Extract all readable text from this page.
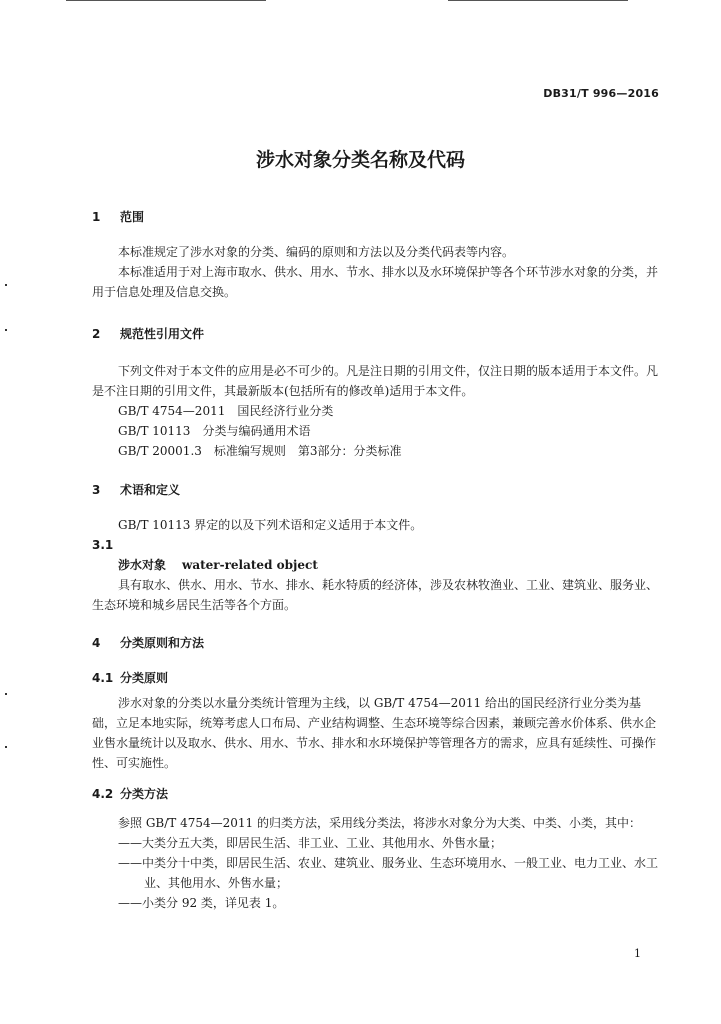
DB31/T 996—2016
涉水对象分类名称及代码
1 范围
本标准规定了涉水对象的分类、编码的原则和方法以及分类代码表等内容。
本标准适用于对上海市取水、供水、用水、节水、排水以及水环境保护等各个环节涉水对象的分类，并用于信息处理及信息交换。
2 规范性引用文件
下列文件对于本文件的应用是必不可少的。凡是注日期的引用文件，仅注日期的版本适用于本文件。凡是不注日期的引用文件，其最新版本(包括所有的修改单)适用于本文件。
GB/T 4754—2011　国民经济行业分类
GB/T 10113　分类与编码通用术语
GB/T 20001.3　标准编写规则　第3部分：分类标准
3 术语和定义
GB/T 10113 界定的以及下列术语和定义适用于本文件。
3.1
涉水对象 water-related object
具有取水、供水、用水、节水、排水、耗水特质的经济体，涉及农林牧渔业、工业、建筑业、服务业、生态环境和城乡居民生活等各个方面。
4 分类原则和方法
4.1 分类原则
涉水对象的分类以水量分类统计管理为主线，以 GB/T 4754—2011 给出的国民经济行业分类为基础，立足本地实际，统筹考虑人口布局、产业结构调整、生态环境等综合因素，兼顾完善水价体系、供水企业售水量统计以及取水、供水、用水、节水、排水和水环境保护等管理各方的需求，应具有延续性、可操作性、可实施性。
4.2 分类方法
参照 GB/T 4754—2011 的归类方法，采用线分类法，将涉水对象分为大类、中类、小类，其中：
——大类分五大类，即居民生活、非工业、工业、其他用水、外售水量；
——中类分十中类，即居民生活、农业、建筑业、服务业、生态环境用水、一般工业、电力工业、水工业、其他用水、外售水量；
——小类分 92 类，详见表 1。
1
